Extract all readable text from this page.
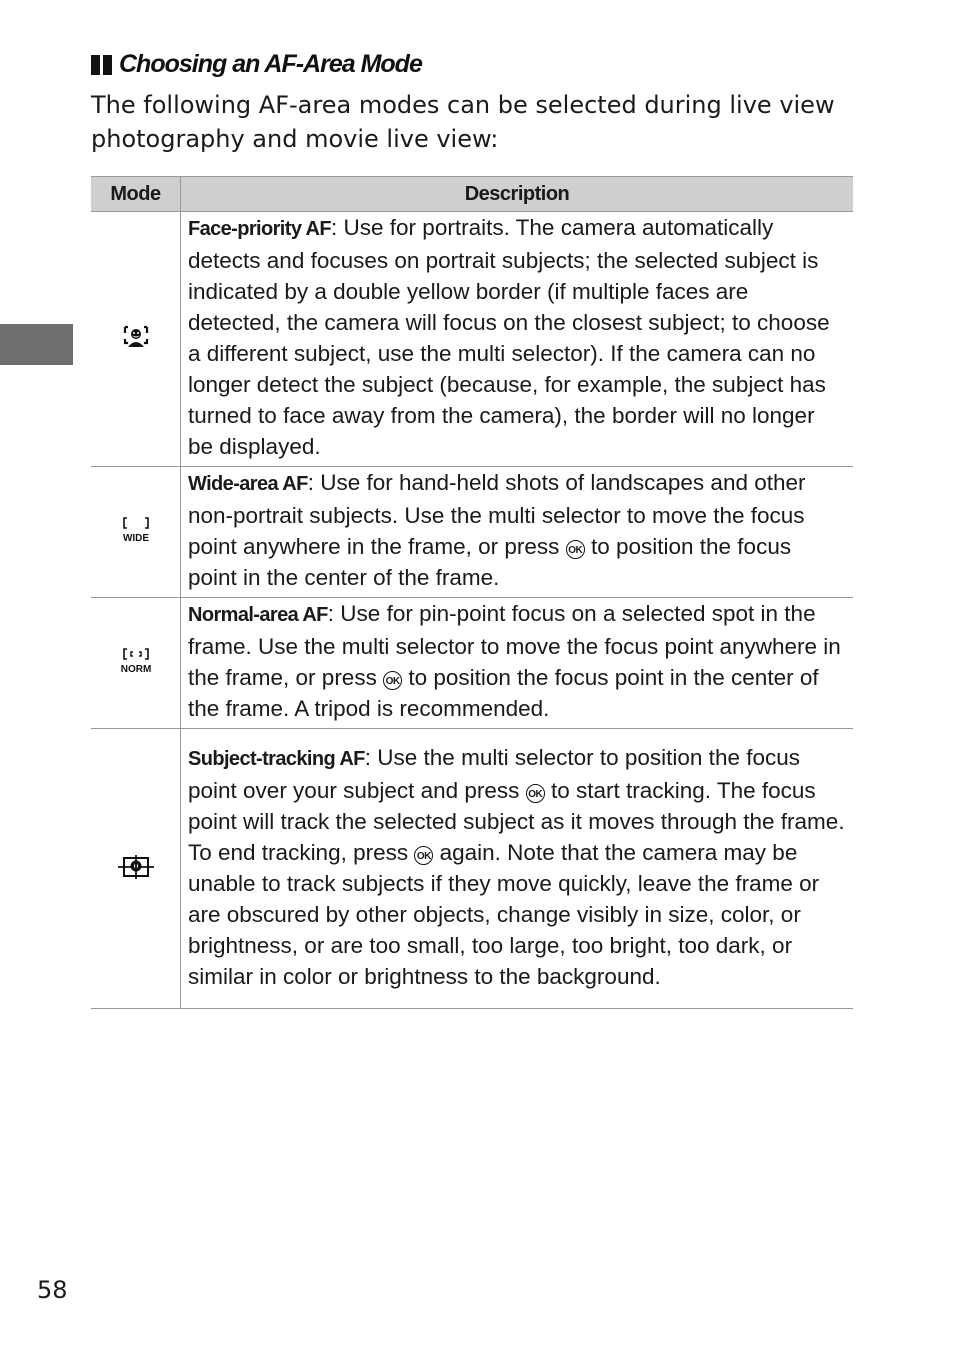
Choosing an AF-Area Mode
The following AF-area modes can be selected during live view photography and movie live view:
Mode	Description
	Face-priority AF: Use for portraits. The camera automatically detects and focuses on portrait subjects; the selected subject is indicated by a double yellow border (if multiple faces are detected, the camera will focus on the closest subject; to choose a different subject, use the multi selector). If the camera can no longer detect the subject (because, for example, the subject has turned to face away from the camera), the border will no longer be displayed.

WIDE	Wide-area AF: Use for hand-held shots of landscapes and other non-portrait subjects. Use the multi selector to move the focus point anywhere in the frame, or press OK to position the focus point in the center of the frame.

NORM	Normal-area AF: Use for pin-point focus on a selected spot in the frame. Use the multi selector to move the focus point anywhere in the frame, or press OK to position the focus point in the center of the frame. A tripod is recommended.
	Subject-tracking AF: Use the multi selector to position the focus point over your subject and press OK to start tracking. The focus point will track the selected subject as it moves through the frame. To end tracking, press OK again. Note that the camera may be unable to track subjects if they move quickly, leave the frame or are obscured by other objects, change visibly in size, color, or brightness, or are too small, too large, too bright, too dark, or similar in color or brightness to the background.
58
